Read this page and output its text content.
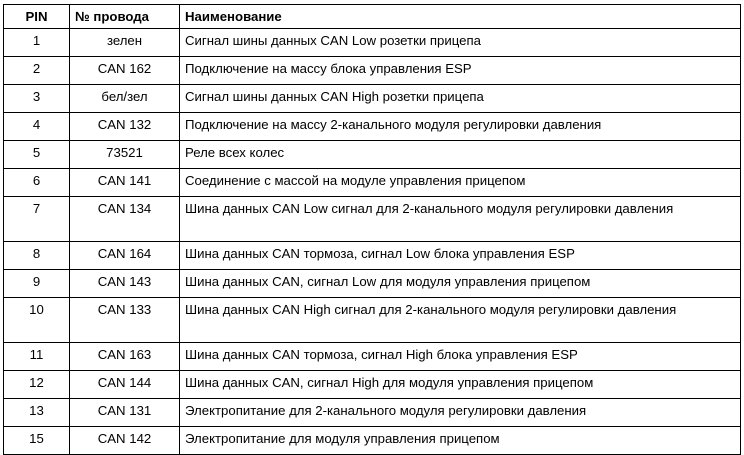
PIN	№ провода	Наименование
1	зелен	Сигнал шины данных CAN Low розетки прицепа
2	CAN 162	Подключение на массу блока управления ESP
3	бел/зел	Сигнал шины данных CAN High розетки прицепа
4	CAN 132	Подключение на массу 2-канального модуля регулировки давления
5	73521	Реле всех колес
6	CAN 141	Соединение с массой на модуле управления прицепом
7	CAN 134	Шина данных CAN Low сигнал для 2-канального модуля регулировки давления
8	CAN 164	Шина данных CAN тормоза, сигнал Low блока управления ESP
9	CAN 143	Шина данных CAN, сигнал Low для модуля управления прицепом
10	CAN 133	Шина данных CAN High сигнал для 2-канального модуля регулировки давления
11	CAN 163	Шина данных CAN тормоза, сигнал High блока управления ESP
12	CAN 144	Шина данных CAN, сигнал High для модуля управления прицепом
13	CAN 131	Электропитание для 2-канального модуля регулировки давления
15	CAN 142	Электропитание для модуля управления прицепом
